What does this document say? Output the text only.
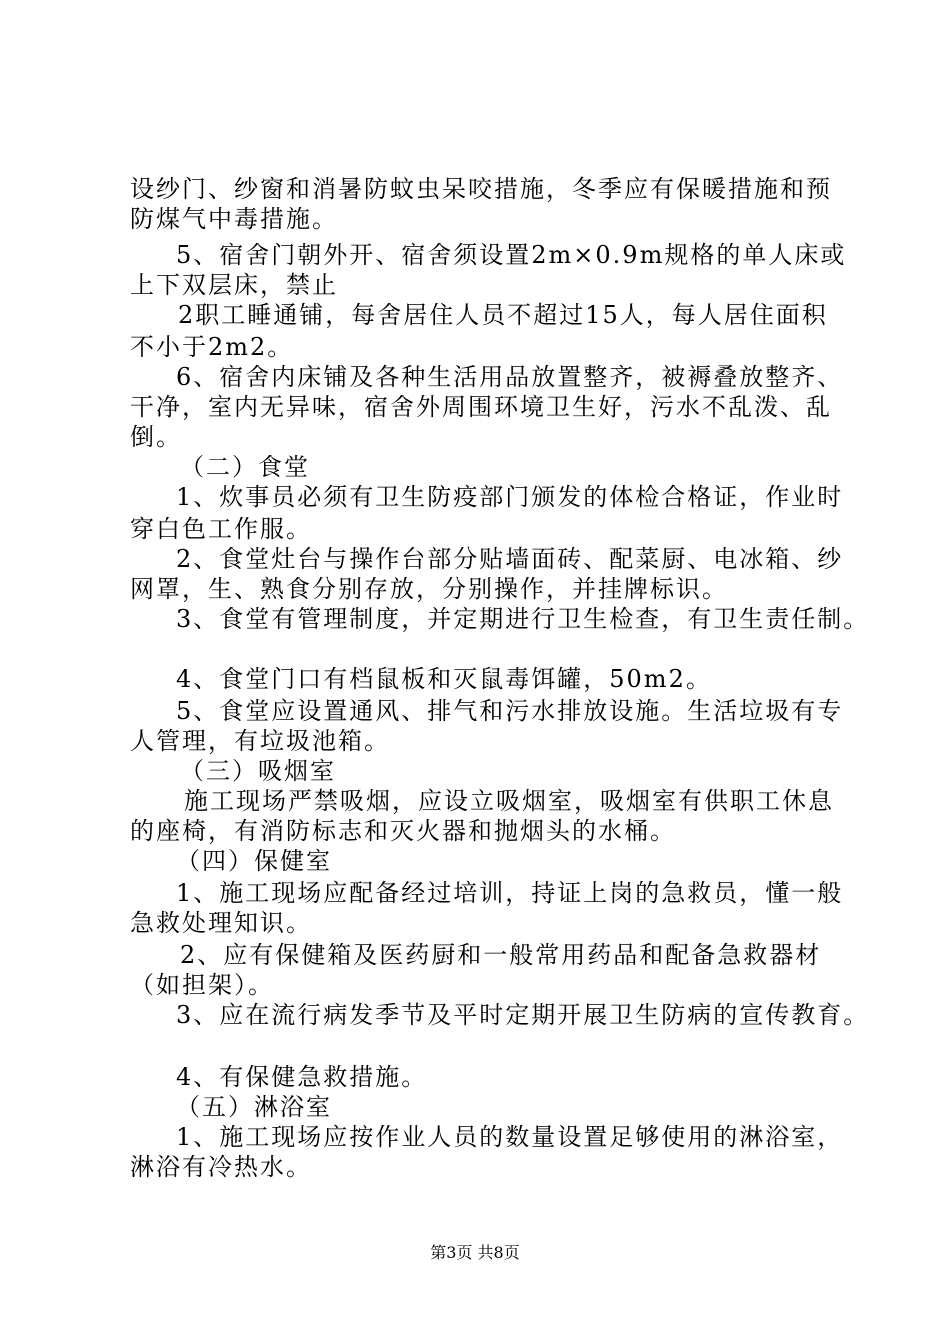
设纱门、纱窗和消暑防蚊虫呆咬措施，冬季应有保暖措施和预
防煤气中毒措施。
5、宿舍门朝外开、宿舍须设置2m×0.9m规格的单人床或
上下双层床，禁止
2职工睡通铺，每舍居住人员不超过15人，每人居住面积
不小于2m2。
6、宿舍内床铺及各种生活用品放置整齐，被褥叠放整齐、
干净，室内无异味，宿舍外周围环境卫生好，污水不乱泼、乱
倒。
（二）食堂
1、炊事员必须有卫生防疫部门颁发的体检合格证，作业时
穿白色工作服。
2、食堂灶台与操作台部分贴墙面砖、配菜厨、电冰箱、纱
网罩，生、熟食分别存放，分别操作，并挂牌标识。
3、食堂有管理制度，并定期进行卫生检查，有卫生责任制。
4、食堂门口有档鼠板和灭鼠毒饵罐，50m2。
5、食堂应设置通风、排气和污水排放设施。生活垃圾有专
人管理，有垃圾池箱。
（三）吸烟室
施工现场严禁吸烟，应设立吸烟室，吸烟室有供职工休息
的座椅，有消防标志和灭火器和抛烟头的水桶。
（四）保健室
1、施工现场应配备经过培训，持证上岗的急救员，懂一般
急救处理知识。
2、应有保健箱及医药厨和一般常用药品和配备急救器材
（如担架）。
3、应在流行病发季节及平时定期开展卫生防病的宣传教育。
4、有保健急救措施。
（五）淋浴室
1、施工现场应按作业人员的数量设置足够使用的淋浴室，
淋浴有冷热水。
第3页 共8页
